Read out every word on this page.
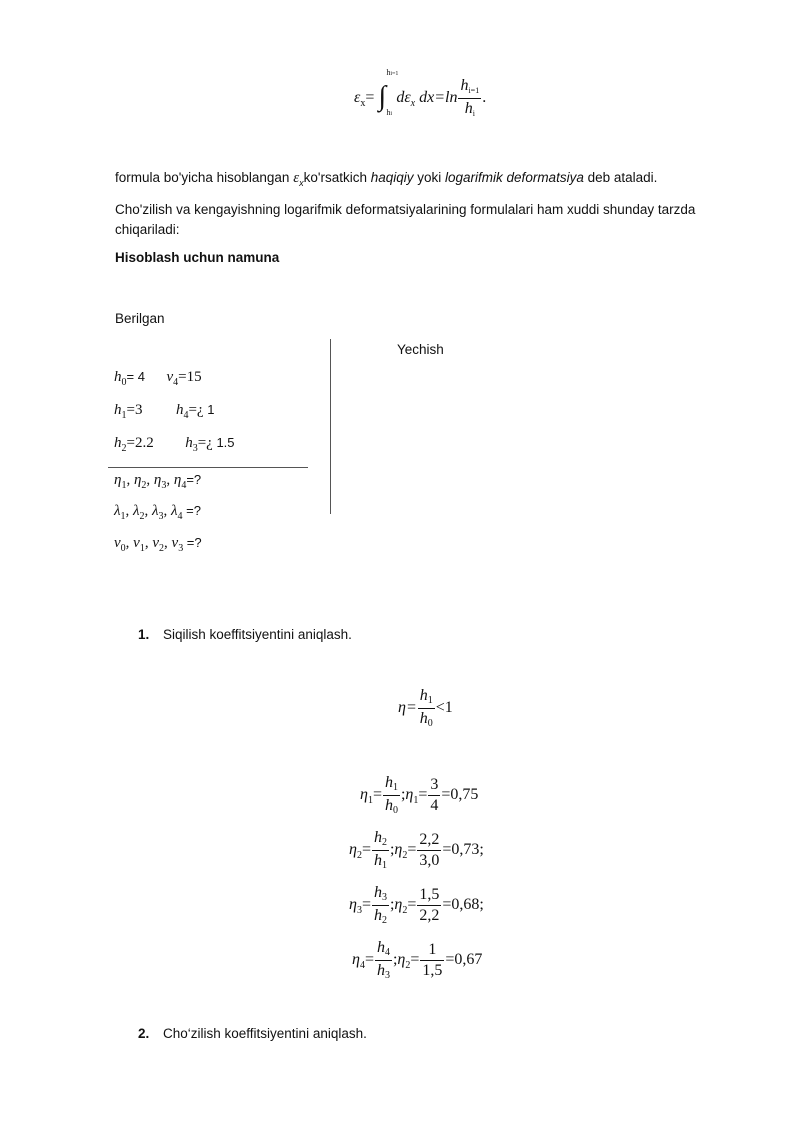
$\varepsilon_x=$ ∫
hi=1
hi
$d\varepsilon_x$ $dx=\ln \frac{hi=1}{hi}$ .
formula bo'yicha hisoblangan $\varepsilon_xko'rsatkich$ haqiqiy yoki logarifmik deformatsiya deb ataladi.
Cho'zilish va kengayishning logarifmik deformatsiyalarining formulalari ham xuddi shunday tarzda chiqariladi:
Hisoblash uchun namuna
Berilgan
Yechish
$h_0= 4$ $v_4=15$
$h_1=3$ $h_4=¿$ 1
$h_2=2.2$ $h_3=¿$ 1.5
$\eta_1$, $\eta_2$, $\eta_3$, $\eta_4=$?
$\lambda_1$, $\lambda_2$, $\lambda_3$, $\lambda_4$ =?
$v_0$, $v_1$, $v_2$, $v_3$ =?
1. Siqilish koeffitsiyentini aniqlash.
$\eta= \frac{h1}{h0} <1$
$\eta_1= \frac{h1}{h0}$ $;\eta_1= \frac{3}{4} =0,75$
$\eta_2= \frac{h2}{h1}$ $;\eta_2= \frac{2,2}{3,0} =0,73$;
$\eta_3= \frac{h3}{h2}$ $;\eta_2= \frac{1,5}{2,2} =0,68$;
$\eta_4= \frac{h4}{h3}$ $;\eta_2= \frac{1}{1,5} =0,67$
2. Cho‘zilish koeffitsiyentini aniqlash.
